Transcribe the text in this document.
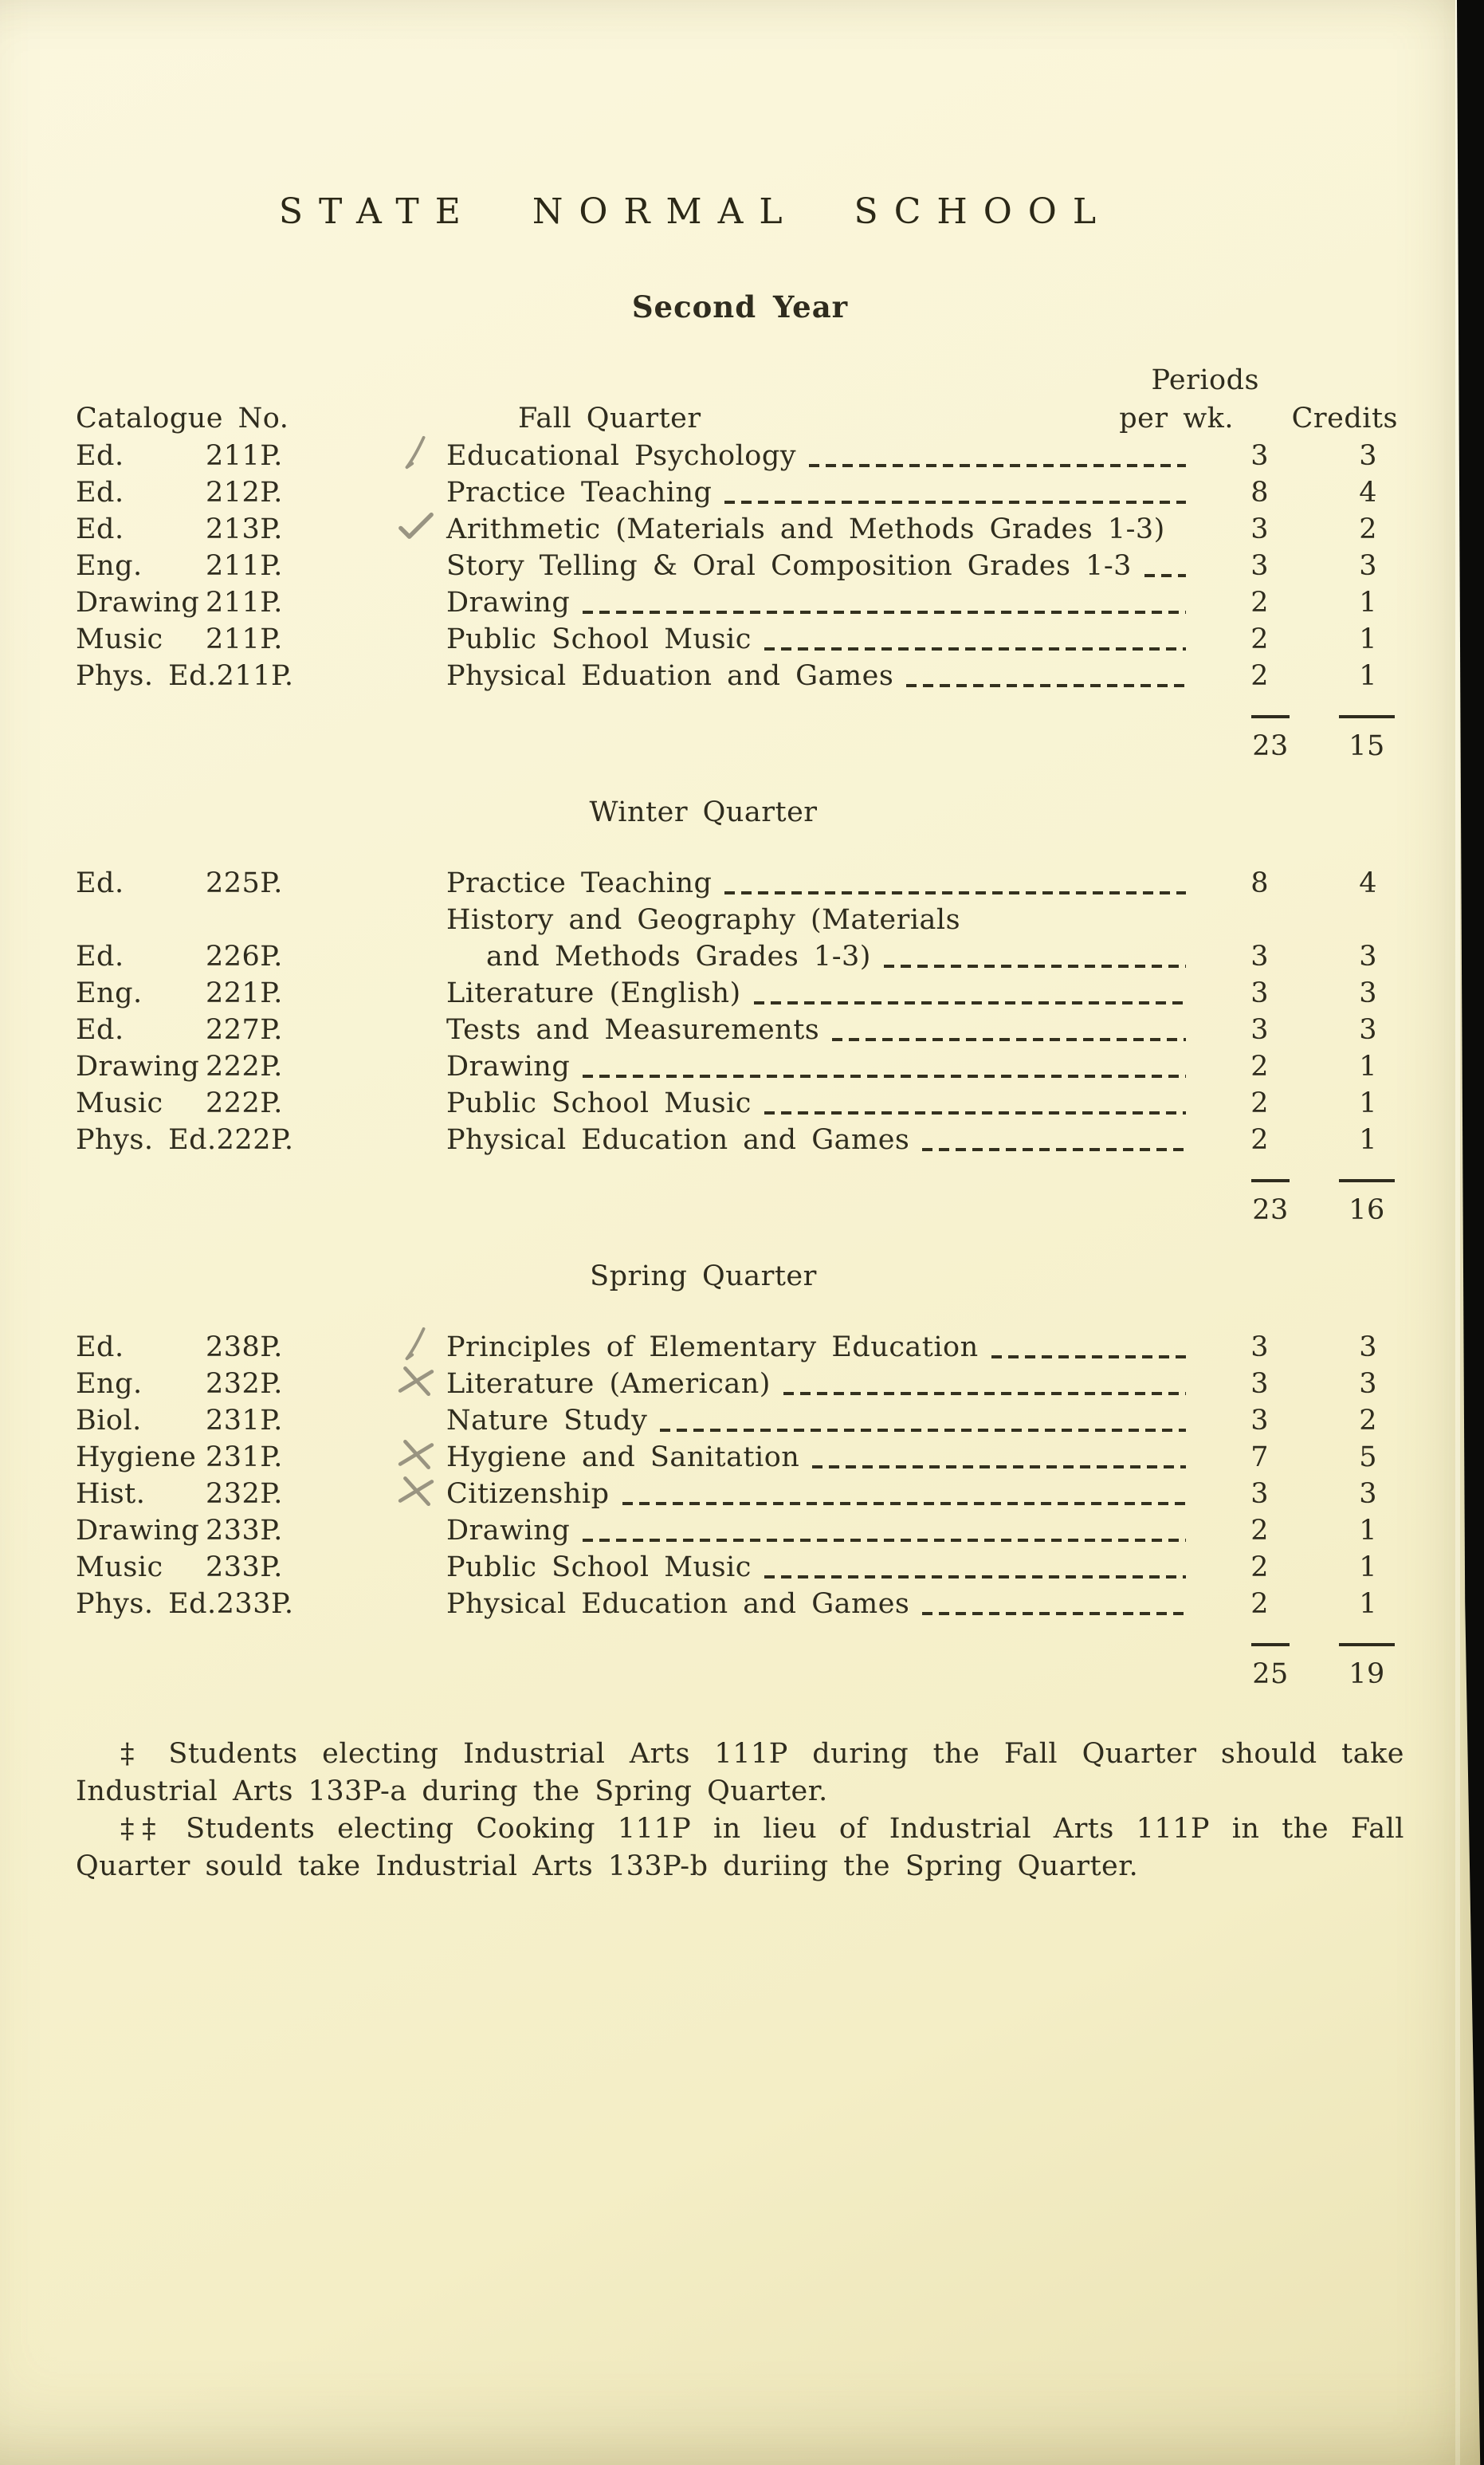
STATE NORMAL SCHOOL
Second Year
Periods
Catalogue No.	Fall Quarter	per wk. Credits
Ed.	211P.	Educational Psychology	3	3
Ed.	212P.	Practice Teaching	8	4
Ed.	213P.	Arithmetic (Materials and Methods Grades 1-3)	3	2
Eng.	211P.	Story Telling & Oral Composition Grades 1-3	3	3
Drawing 211P.	Drawing	2	1
Music	211P.	Public School Music	2	1
Phys. Ed. 211P.	Physical Eduation and Games	2	1
23	15
Winter Quarter
Ed.	225P.	Practice Teaching	8	4
History and Geography (Materials
Ed.	226P.	and Methods Grades 1-3)	3	3
Eng.	221P.	Literature (English)	3	3
Ed.	227P.	Tests and Measurements	3	3
Drawing 222P.	Drawing	2	1
Music	222P.	Public School Music	2	1
Phys. Ed. 222P.	Physical Education and Games	2	1
23	16
Spring Quarter
Ed.	238P.	Principles of Elementary Education	3	3
Eng.	232P.	Literature (American)	3	3
Biol.	231P.	Nature Study	3	2
Hygiene 231P.	Hygiene and Sanitation	7	5
Hist.	232P.	Citizenship	3	3
Drawing 233P.	Drawing	2	1
Music	233P.	Public School Music	2	1
Phys. Ed. 233P.	Physical Education and Games	2	1
25	19

‡ Students electing Industrial Arts 111P during the Fall Quarter should take Industrial Arts 133P-a during the Spring Quarter.

‡‡ Students electing Cooking 111P in lieu of Industrial Arts 111P in the Fall Quarter sould take Industrial Arts 133P-b duriing the Spring Quarter.
